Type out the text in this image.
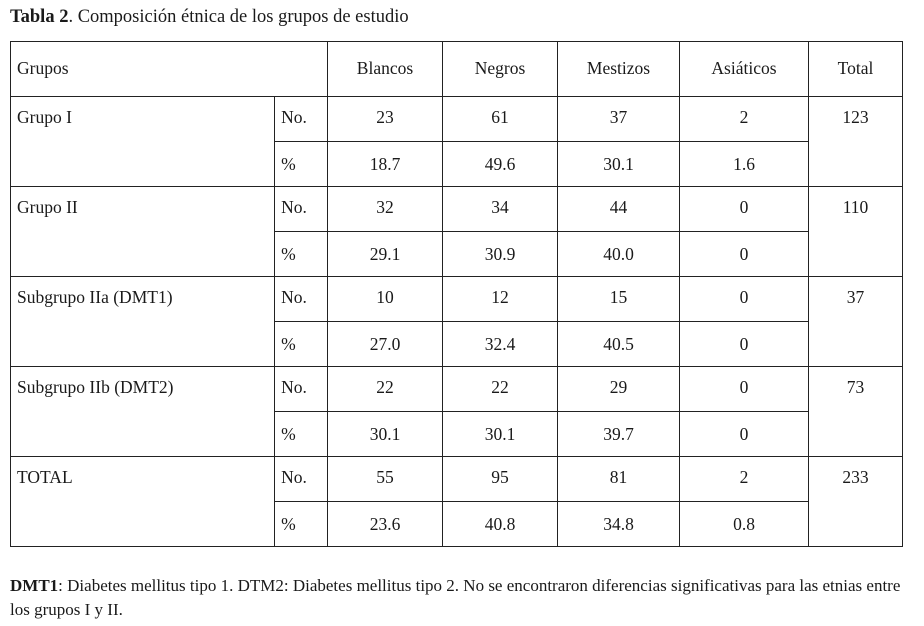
Tabla 2. Composición étnica de los grupos de estudio
Grupos		Blancos	Negros	Mestizos	Asiáticos	Total
Grupo I	No.	23	61	37	2	123
	%	18.7	49.6	30.1	1.6	
Grupo II	No.	32	34	44	0	110
	%	29.1	30.9	40.0	0	
Subgrupo IIa (DMT1)	No.	10	12	15	0	37
	%	27.0	32.4	40.5	0	
Subgrupo IIb (DMT2)	No.	22	22	29	0	73
	%	30.1	30.1	39.7	0	
TOTAL	No.	55	95	81	2	233
	%	23.6	40.8	34.8	0.8	
DMT1: Diabetes mellitus tipo 1. DTM2: Diabetes mellitus tipo 2. No se encontraron diferencias significativas para las etnias entre los grupos I y II.
